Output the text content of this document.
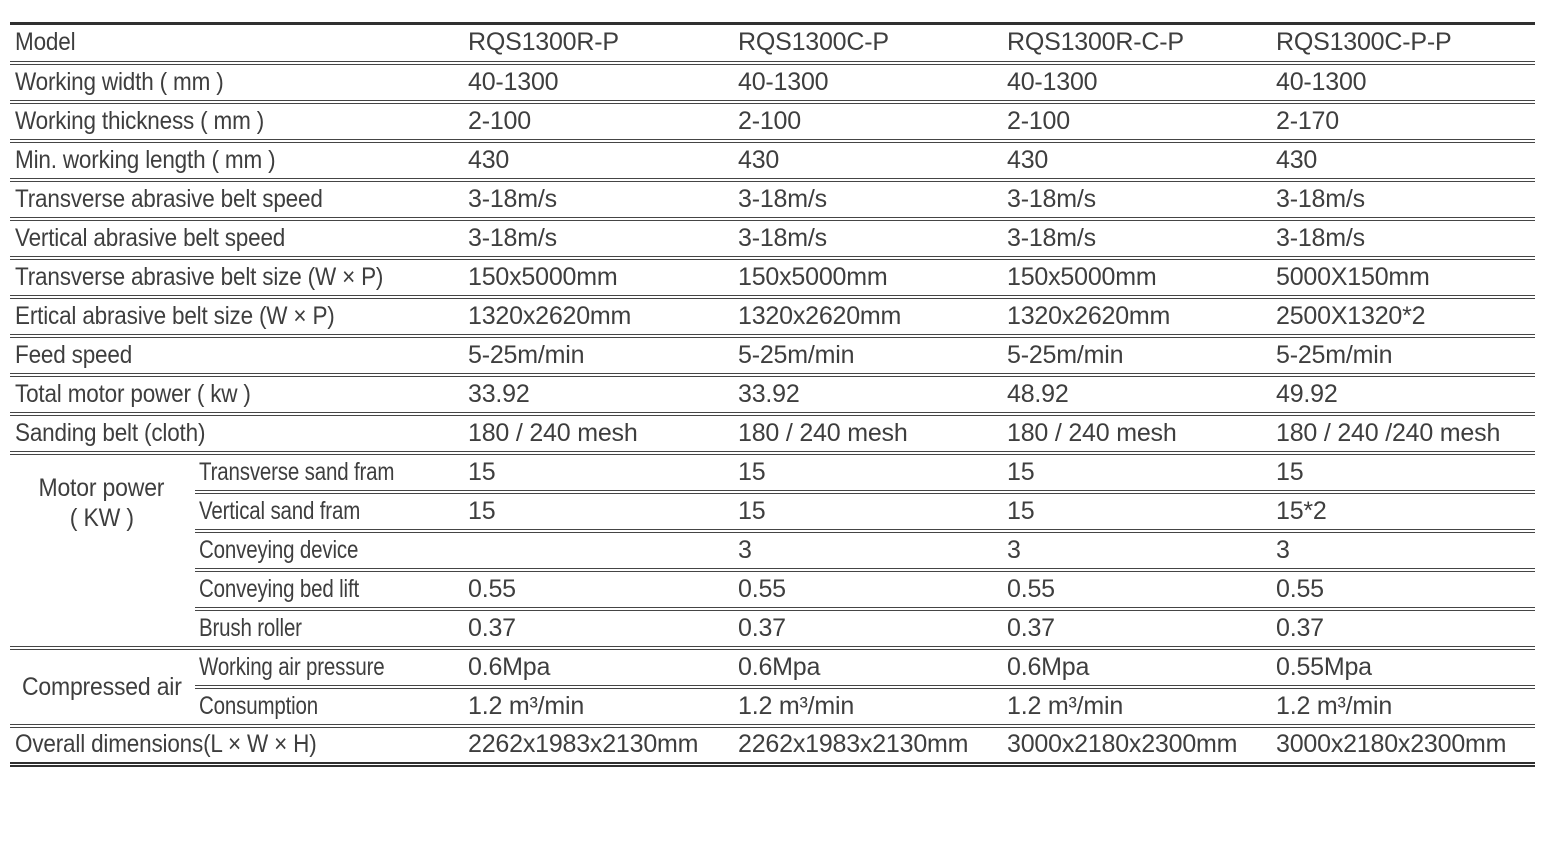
Model		RQS1300R-P	RQS1300C-P	RQS1300R-C-P	RQS1300C-P-P
Working width ( mm )		40-1300	40-1300	40-1300	40-1300
Working thickness ( mm )		2-100	2-100	2-100	2-170
Min. working length ( mm )		430	430	430	430
Transverse abrasive belt speed		3-18m/s	3-18m/s	3-18m/s	3-18m/s
Vertical abrasive belt speed		3-18m/s	3-18m/s	3-18m/s	3-18m/s
Transverse abrasive belt size (W × P)		150x5000mm	150x5000mm	150x5000mm	5000X150mm
Ertical abrasive belt size (W × P)		1320x2620mm	1320x2620mm	1320x2620mm	2500X1320*2
Feed speed		5-25m/min	5-25m/min	5-25m/min	5-25m/min
Total motor power ( kw )		33.92	33.92	48.92	49.92
Sanding belt (cloth)		180 / 240 mesh	180 / 240 mesh	180 / 240 mesh	180 / 240 /240 mesh
Motor power
( KW )	Transverse sand fram	15	15	15	15
	Vertical sand fram	15	15	15	15*2
	Conveying device		3	3	3
	Conveying bed lift	0.55	0.55	0.55	0.55
	Brush roller	0.37	0.37	0.37	0.37
Compressed air	Working air pressure	0.6Mpa	0.6Mpa	0.6Mpa	0.55Mpa
	Consumption	1.2 m³/min	1.2 m³/min	1.2 m³/min	1.2 m³/min
Overall dimensions(L × W × H)		2262x1983x2130mm	2262x1983x2130mm	3000x2180x2300mm	3000x2180x2300mm
